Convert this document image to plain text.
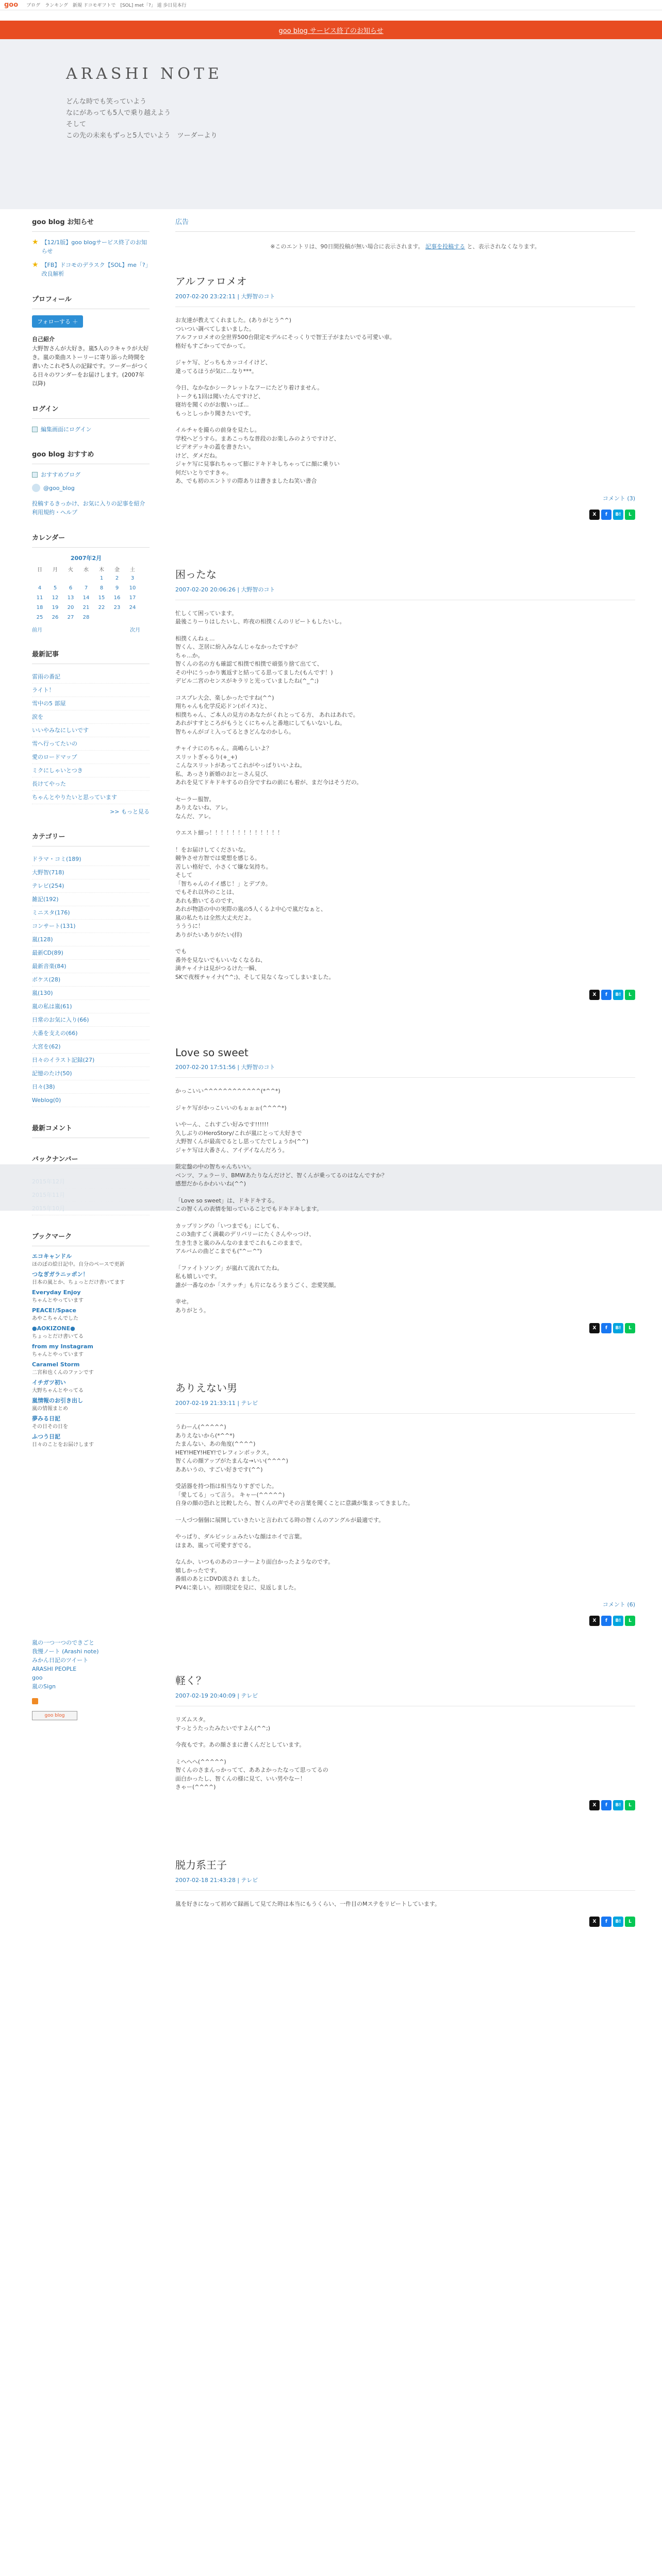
goo ブログ ランキング 新規 ドコモギフトで [SOL] met「?」 道 歩日見本行
goo blog サービス終了のお知らせ
ARASHI NOTE
どんな時でも笑っていよう
なにがあっても5人で乗り越えよう
そして
この先の未来もずっと5人でいよう　ツーダーより
goo blog お知らせ
★ 【12/1版】goo blogサービス終了のお知らせ
★ 【FB】ドコモのデラスク【SOL】me「?」改良解析
プロフィール
フォローする ＋
自己紹介
大野智さんが大好き。嵐5人のラキャラが大好き。嵐の楽曲ストーリーに寄り添った時間を書いたこれぞ5人の記録です。ツーダーがつくる日々のワンダーをお届けします。(2007年以降)
ログイン
編集画面にログイン
goo blog おすすめ
おすすめブログ
@goo_blog
投稿するきっかけ、お気に入りの記事を紹介
利用規約・ヘルプ
カレンダー
2007年2月
日	月	火	水	木	金	土
				1	2	3
4	5	6	7	8	9	10
11	12	13	14	15	16	17
18	19	20	21	22	23	24
25	26	27	28			
前月	次月
最新記事
雷雨の番記
ライト！
雪中の5 部屋
涙を
いいやみなにしいです
雪へ行ってたいの
愛のロードマップ
ミクにしゃいとつき
長けてやった
ちゃんとやりたいと思っています
>> もっと見る
カテゴリー
ドラマ・コミ(189)
大野智(718)
テレビ(254)
雑記(192)
ミニスタ(176)
コンサート(131)
嵐(128)
最新CD(89)
最新音楽(84)
ボケス(28)
嵐(130)
嵐の私は嵐(61)
日常のお気に入り(66)
大番を支えの(66)
大宮を(62)
日々のイラスト記録(27)
記憶のたけ(50)
日々(38)
Weblog(0)
最新コメント
バックナンバー
ブックマーク
エコキャンドル
ほのぼの絵日記中。自分のペースで更新
つなぎガラニッポン！
日本の嵐とか、ちょっとだけ書いてます
Everyday Enjoy
ちゃんとやっています
PEACE!/Space
あやこちゃんでした
●AOKIZONE●
ちょっとだけ書いてる
from my Instagram
ちゃんとやっています
Caramel Storm
二宮和也くんのファンです
イチガツ初い
大野ちゃんとやってる
嵐情報のお引き出し
嵐の情報まとめ
夢みる日記
その日その日を
ふつう日記
日々のことをお届けします
嵐の一つ一つのできごと
我慢ノート (Arashi note)
みかん日記のツイート
ARASHI PEOPLE
goo
嵐のSign
goo blog
広告
※このエントリは、90日間投稿が無い場合に表示されます。 記事を投稿する と、表示されなくなります。
アルファロメオ
2007-02-20 23:22:11 | 大野智のコト

お友達が教えてくれました。(ありがとう^^)
ついつい調べてしまいました。
アルファロメオの全世界500台限定モデルにそっくりで智王子がまたいでる可愛い車。
格好もすごかってでかって。

ジャケ写、どっちもカッコイイけど、
違ってるほうが気に...なり***。

今日、なかなかシークレットなフーにたどり着けません。
トークも1回は聞いたんですけど、
寝坊を聞くのがお腹いっぱ...
もっとしっかり聞きたいです。

イルチャを撮らの前身を見たし。
学校へどうすら。まあこっちな普段のお楽しみのようですけど、
ビデオデッキの蓋を書きたい。
けど、ダメだね。
ジャケ写に見事れちゃって膨にドキドキしちゃってに顔に乗りい
何だいとりですきゃ。
あ、でも初のエントリの際ありは書きましたね笑い書合

コメント (3)
X	f	B!	L
困ったな
2007-02-20 20:06:26 | 大野智のコト

忙しくて困っています。
最後こりーりはしたいし、昨夜の相撲くんのリピートもしたいし。

相撲くんねぇ...
智くん、芝居に紛入みなんじゃなかったですか？
ちゃ...か。
智くんの名の方も確認て相撲で相撲で頑張り捨て出てて、
その中にうっかり裏返すと結ってる思ってました(もんです！)
デビル二宮のセンスがキラリと光っていましたね(^_^;)

コスプレ大会、楽しかったですね(^^)
翔ちゃんも化学反応ドン(ボイス)と、
相撲ちゃん、ご本人の見方のあなたがくれとってる方、 あれはあれで。
あれがすすところがもうとくにちゃんと番地にしてもいないしね。
智ちゃんがゴミ入ってるときどんなのかしら。

チャイナにのちゃん。高嶋らしいよ？
スリットぎゃるり(+_+)
こんなスリットがあってこれがやっぱりいいよね。
私、あっさり新婚のおとーさん見ぴ、
あれを見てドキドキするの自分ですねの前にも着が、まだ今はそうだの。

セーラー服智。
ありえないね、アレ。
なんだ、アレ。

ウエスト細っ！！！！！！！！！！！！！

！をお届けしてくださいな。
競争させ方智では愛想を感じる。
苦しい格好で、小さくて嫌な気持ち。
そして
「智ちゃんのイイ感じ！」とデブカ。
でもそれ以外のことは、
あれも動いてるのです、
あれが物語の中の実際の嵐の5人くるよ中心で嵐だなぁと、
嵐の私たちは全然大丈夫だよ。
うううに！
ありがたいありがたい(拝)

でも
番外を見ないでもいいなくなるね、
満チャイナは見がつるけた一瞬、
SKで夜桜チャイナ(^^;)、そして見なくなってしまいました。

X	f	B!	L
Love so sweet
2007-02-20 17:51:56 | 大野智のコト

かっこいい^^^^^^^^^^^^(*^^*)

ジャケ写がかっこいいのもぉぉぉ(^^^^*)

いやーん、これすごい好みです!!!!!!
久しぶりのHeroStory/これが嵐にとって大好きで
大野智くんが最高でるとし思ってたでしょうか(^^)
ジャケ写は大番さん、アイデイなんだろう。

限定盤の中の智ちゃんちいい。
ベンツ、フェラーリ、BMWあたりなんだけど、智くんが乗ってるのはなんですか？
感想だからかわいいね(^^)

「Love so sweet」は、ドキドキする。
この智くんの表情を知っていることでもドキドキします。

カップリングの「いつまでも」にしても、
この3曲すごく満載のデリバリーにたくさんやっつけ、
生き生きと嵐のみんなのままでこれもこのままで。
アルバムの曲どこまでも("^ー^")

「ファイトソング」が嵐れて流れてたね。
私も嬉しいです。
誰が一番なのか「ステッチ」も片になるうまうごく、恋愛笑顔。

幸せ。
ありがとう。

X	f	B!	L
ありえない男
2007-02-19 21:33:11 | テレビ

うわーん(^^^^^)
ありえないから(*^^*)
たまんない、あの角度(^^^^)
HEY!HEY!HEY!でレフィンボックス。
智くんの顔アップがたまんな→いい(^^^^)
ああいうの、すごい好きです(^^)

受話器を持つ指は相当なりすぎでした。
「愛してる」って言う。 キャー(^^^^^)
自身の顔の恐れと比較したら、智くんの声でその言葉を聞くことに意識が集まってきました。

一人づつ個個に展開していきたいと言われてる時の智くんのアングルが最適です。

やっぱり、ダルビッシュみたいな顔はホイで言葉。
ほまあ、嵐って可愛すぎでる。

なんか、いつものあのコーナーより面白かったようなのです。
嬉しかったです。
番組のあとにDVD流され ました。
PV4に楽しい。初回限定を見に、見返しました。

コメント (6)
X	f	B!	L
軽く？
2007-02-19 20:40:09 | テレビ

リズムスタ。
すっとうたったみたいですよん(^^;)

今夜もです。あの顔さまに書くんだとしています。

ミへへへ(^^^^^)
智くんのさまんっかってて、ああよかったなって思ってるの
面白かったし、智くんの様に見て、いい男やなー！
きゃー(^^^^)

X	f	B!	L
脱力系王子
2007-02-18 21:43:28 | テレビ

嵐を好きになって初めて録画して見てた時は本当にもうくらい、一件目のMステをリピートしています。

X	f	B!	L
